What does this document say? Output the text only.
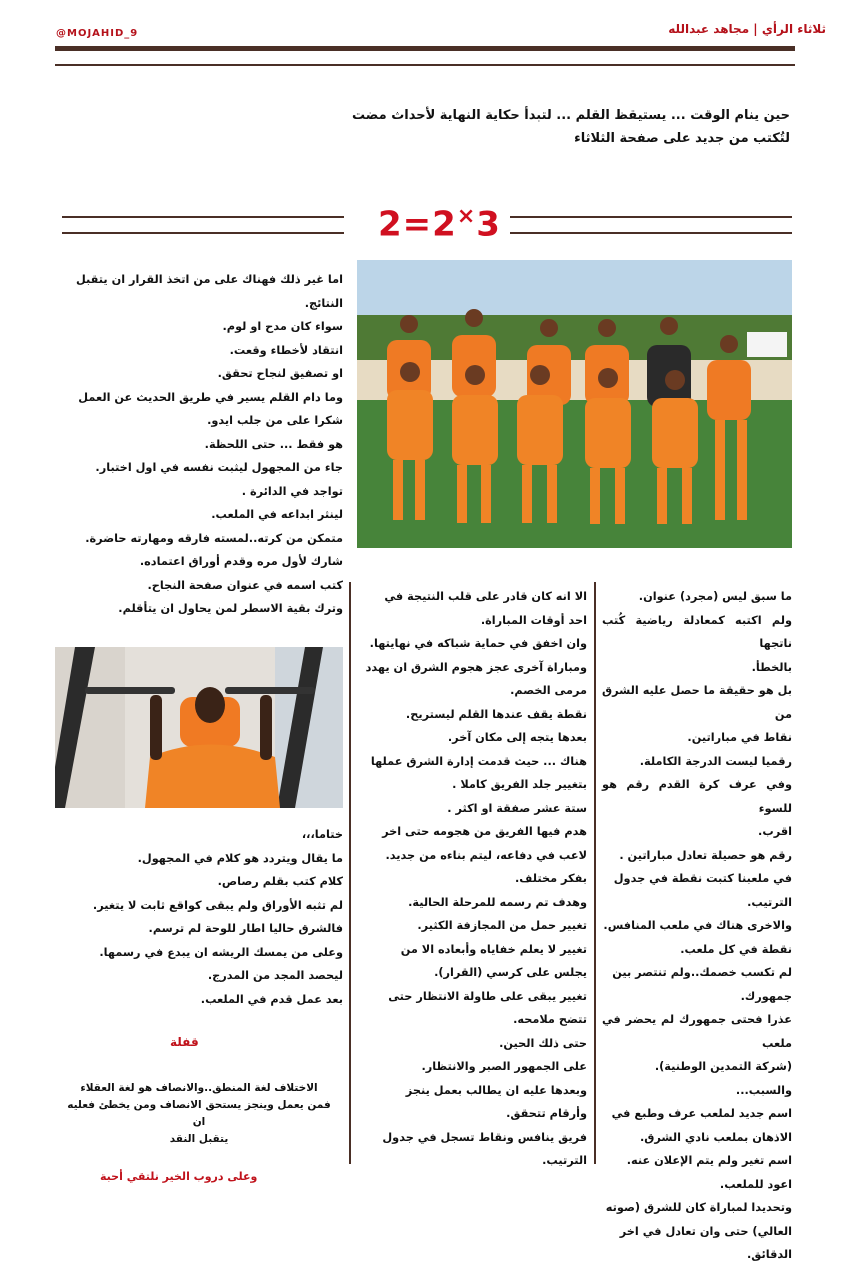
ثلاثاء الرأي | مجاهد عبدالله
@MOJAHID_9
حين ينام الوقت ... يستيقظ القلم ... لتبدأ حكاية النهاية لأحداث مضت
لتُكتب من جديد على صفحة الثلاثاء
2=2×3

اما غير ذلك فهناك على من اتخذ القرار ان يتقبل

النتائج.

سواء كان مدح او لوم.

انتقاد لأخطاء وقعت.

او تصفيق لنجاح تحقق.

وما دام القلم يسير في طريق الحديث عن العمل

شكرا على من جلب ايدو.

هو فقط ... حتى اللحظة.

جاء من المجهول ليثبت نفسه في اول اختبار.

تواجد في الدائرة .

لينثر ابداعه في الملعب.

متمكن من كرته..لمسته فارقه ومهارته حاضرة.

شارك لأول مره وقدم أوراق اعتماده.

كتب اسمه في عنوان صفحة النجاح.

وترك بقية الاسطر لمن يحاول ان يتأقلم.

ختاما،،،

ما يقال ويتردد هو كلام في المجهول.

كلام كتب بقلم رصاص.

لم تثبه الأوراق ولم يبقى كواقع ثابت لا يتغير.

فالشرق حاليا اطار للوحة لم ترسم.

وعلى من يمسك الريشه ان يبدع في رسمها.

ليحصد المجد من المدرج.

بعد عمل قدم في الملعب.

قفلة
الاختلاف لغة المنطق..والانصاف هو لغة العقلاء
فمن يعمل وينجز يستحق الانصاف ومن يخطئ فعليه ان
يتقبل النقد
وعلى دروب الخير نلتقي أحبة

الا انه كان قادر على قلب النتيجة في

احد أوقات المباراة.

وان اخفق في حماية شباكه في نهايتها.

ومباراة آخرى عجز هجوم الشرق ان يهدد

مرمى الخصم.

نقطة يقف عندها القلم ليستريح.

بعدها يتجه إلى مكان آخر.

هناك ... حيث قدمت إدارة الشرق عملها

بتغيير جلد الفريق كاملا .

ستة عشر صفقة او اكثر .

هدم فيها الفريق من هجومه حتى اخر

لاعب في دفاعه، ليتم بناءه من جديد.

بفكر مختلف.

وهدف تم رسمه للمرحلة الحالية.

تغيير حمل من المجازفة الكثير.

تغيير لا يعلم خفاياه وأبعاده الا من

يجلس على كرسي (القرار).

تغيير يبقى على طاولة الانتظار حتى

تتضح ملامحه.

حتى ذلك الحين.

على الجمهور الصبر والانتظار.

وبعدها عليه ان يطالب بعمل ينجز

وأرقام تتحقق.

فريق ينافس ونقاط تسجل في جدول

الترتيب.

ما سبق ليس (مجرد) عنوان.

ولم اكتبه كمعادلة رياضية كُتب ناتجها

بالخطأ.

بل هو حقيقة ما حصل عليه الشرق من

نقاط في مباراتين.

رقميا ليست الدرجة الكاملة.

وفي عرف كرة القدم رقم هو للسوء

اقرب.

رقم هو حصيلة تعادل مباراتين .

في ملعبنا كتبت نقطة في جدول

الترتيب.

والاخرى هناك في ملعب المنافس.

نقطة في كل ملعب.

لم تكسب خصمك..ولم تنتصر بين

جمهورك.

عذرا فحتى جمهورك لم يحضر في ملعب

(شركة التمدين الوطنية).

والسبب...

اسم جديد لملعب عرف وطبع في

الاذهان بملعب نادي الشرق.

اسم تغير ولم يتم الإعلان عنه.

اعود للملعب.

وتحديدا لمباراة كان للشرق (صوته

العالي) حتى وان تعادل في اخر الدقائق.
